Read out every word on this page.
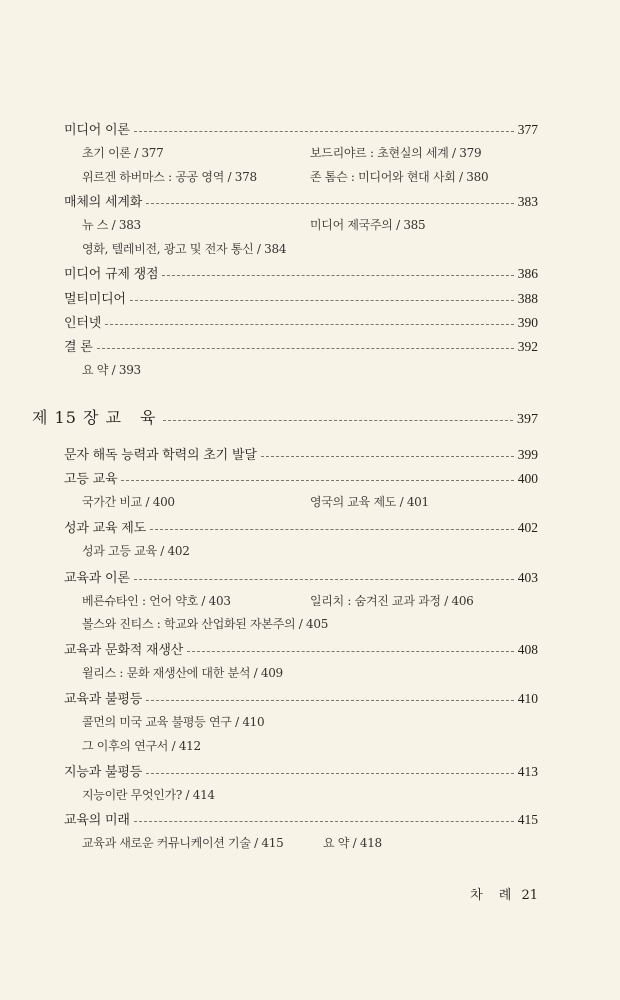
미디어 이론	377
초기 이론 / 377	보드리야르 : 초현실의 세계 / 379
위르겐 하버마스 : 공공 영역 / 378	존 톰슨 : 미디어와 현대 사회 / 380
매체의 세계화	383
뉴 스 / 383	미디어 제국주의 / 385
영화, 텔레비전, 광고 및 전자 통신 / 384
미디어 규제 쟁점	386
멀티미디어	388
인터넷	390
결 론	392
요 약 / 393
제 15 장 교 육	397
문자 해독 능력과 학력의 초기 발달	399
고등 교육	400
국가간 비교 / 400	영국의 교육 제도 / 401
성과 교육 제도	402
성과 고등 교육 / 402
교육과 이론	403
베른슈타인 : 언어 약호 / 403	일리치 : 숨겨진 교과 과정 / 406
볼스와 진티스 : 학교와 산업화된 자본주의 / 405
교육과 문화적 재생산	408
윌리스 : 문화 재생산에 대한 분석 / 409
교육과 불평등	410
콜먼의 미국 교육 불평등 연구 / 410
그 이후의 연구서 / 412
지능과 불평등	413
지능이란 무엇인가? / 414
교육의 미래	415
교육과 새로운 커뮤니케이션 기술 / 415	요 약 / 418
차 례 21
